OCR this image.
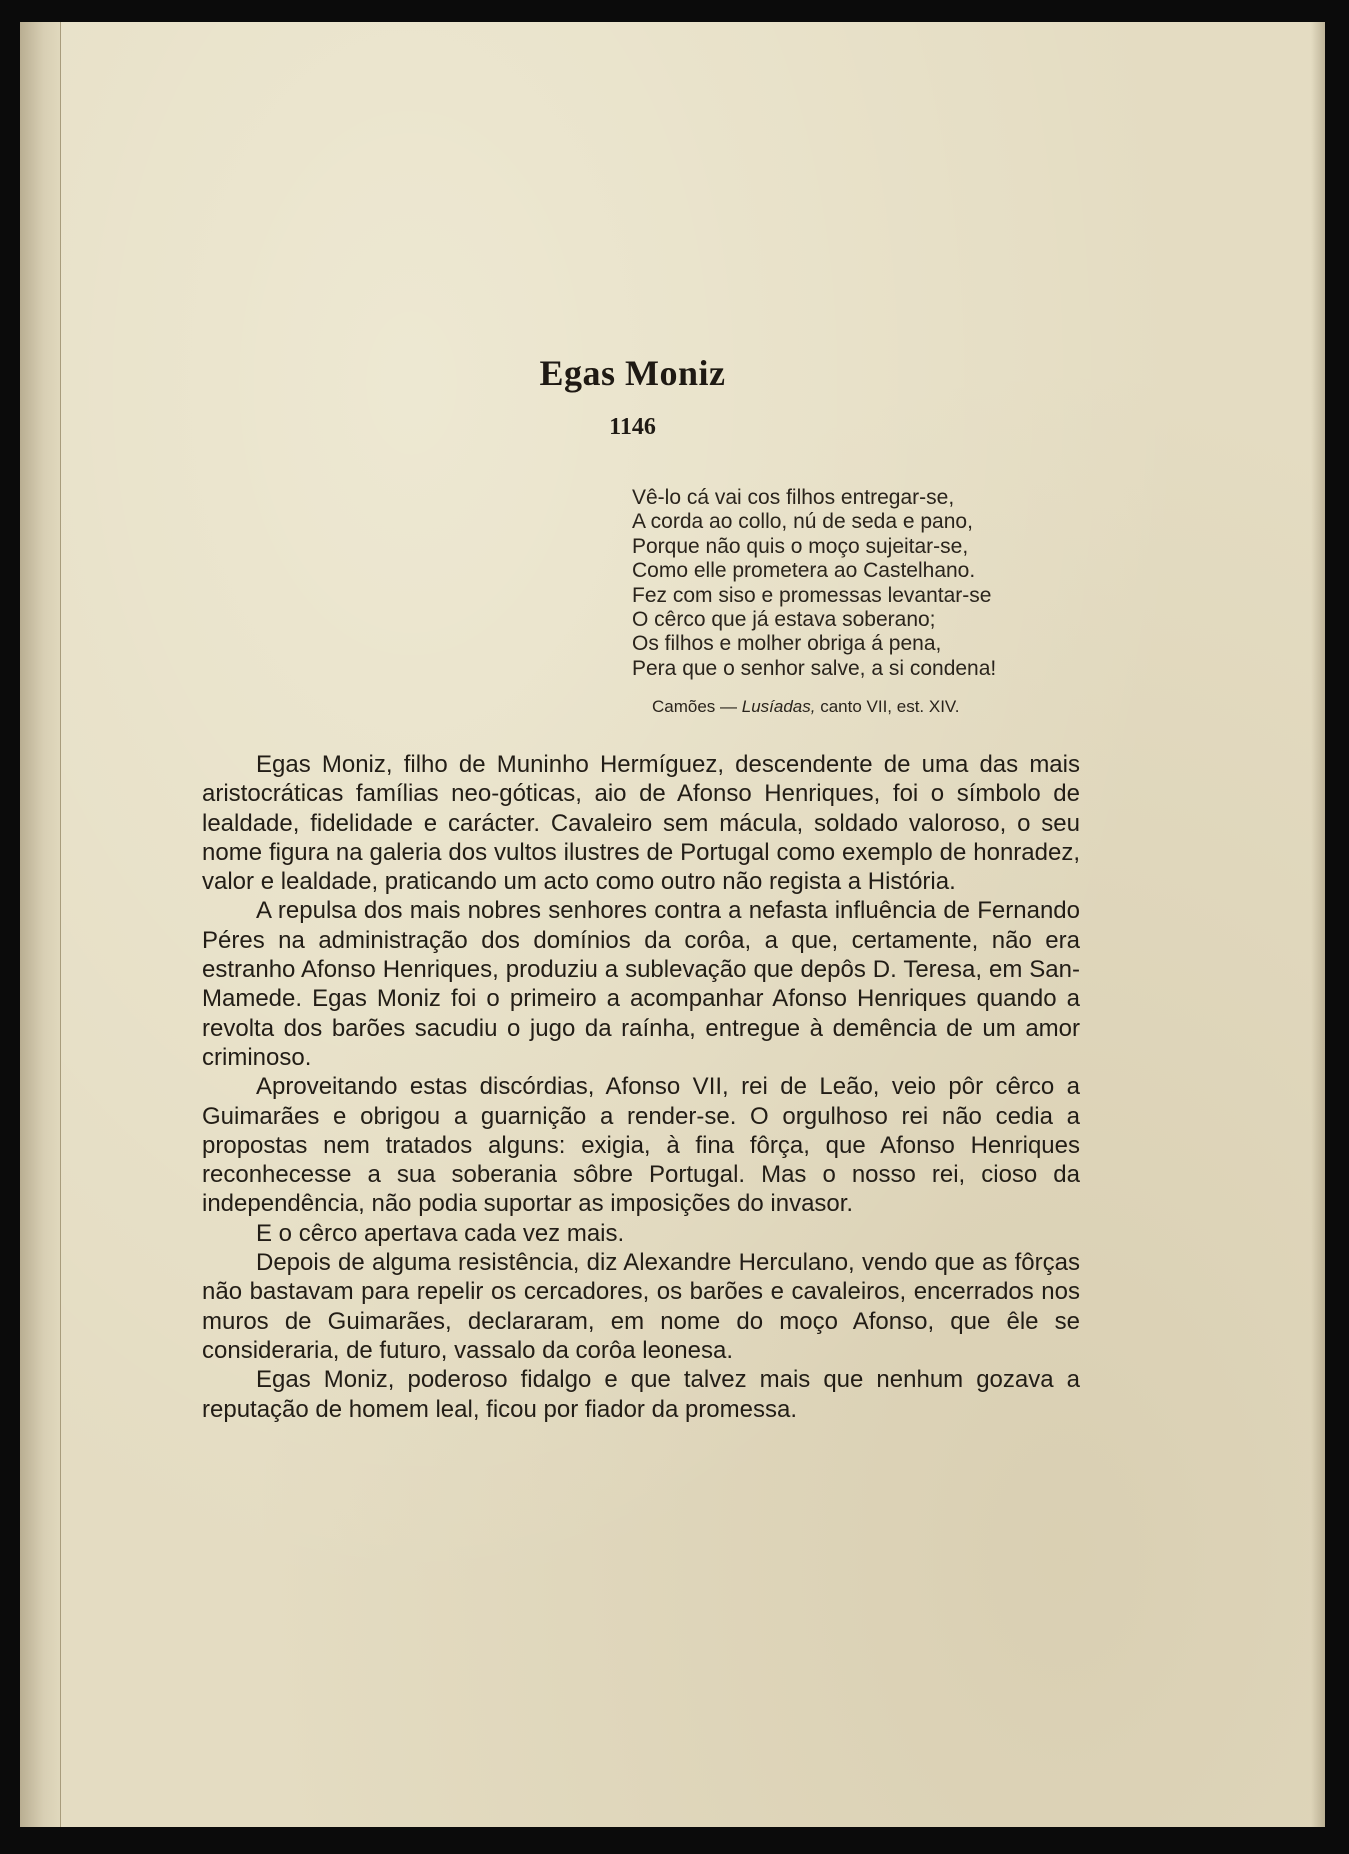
Egas Moniz
1146
Vê-lo cá vai cos filhos entregar-se,
A corda ao collo, nú de seda e pano,
Porque não quis o moço sujeitar-se,
Como elle prometera ao Castelhano.
Fez com siso e promessas levantar-se
O cêrco que já estava soberano;
Os filhos e molher obriga á pena,
Pera que o senhor salve, a si condena!
Camões — Lusíadas, canto VII, est. XIV.

Egas Moniz, filho de Muninho Hermíguez, descendente de uma das mais aristocráticas famílias neo-góticas, aio de Afonso Henriques, foi o símbolo de lealdade, fidelidade e carácter. Cavaleiro sem mácula, soldado valoroso, o seu nome figura na galeria dos vultos ilustres de Portugal como exemplo de honradez, valor e lealdade, praticando um acto como outro não regista a História.

A repulsa dos mais nobres senhores contra a nefasta influência de Fernando Péres na administração dos domínios da corôa, a que, certamente, não era estranho Afonso Henriques, produziu a sublevação que depôs D. Teresa, em San-Mamede. Egas Moniz foi o primeiro a acompanhar Afonso Henriques quando a revolta dos barões sacudiu o jugo da raínha, entregue à demência de um amor criminoso.

Aproveitando estas discórdias, Afonso VII, rei de Leão, veio pôr cêrco a Guimarães e obrigou a guarnição a render-se. O orgulhoso rei não cedia a propostas nem tratados alguns: exigia, à fina fôrça, que Afonso Henriques reconhecesse a sua soberania sôbre Portugal. Mas o nosso rei, cioso da independência, não podia suportar as imposições do invasor.

E o cêrco apertava cada vez mais.

Depois de alguma resistência, diz Alexandre Herculano, vendo que as fôrças não bastavam para repelir os cercadores, os barões e cavaleiros, encerrados nos muros de Guimarães, declararam, em nome do moço Afonso, que êle se consideraria, de futuro, vassalo da corôa leonesa.

Egas Moniz, poderoso fidalgo e que talvez mais que nenhum gozava a reputação de homem leal, ficou por fiador da promessa.
